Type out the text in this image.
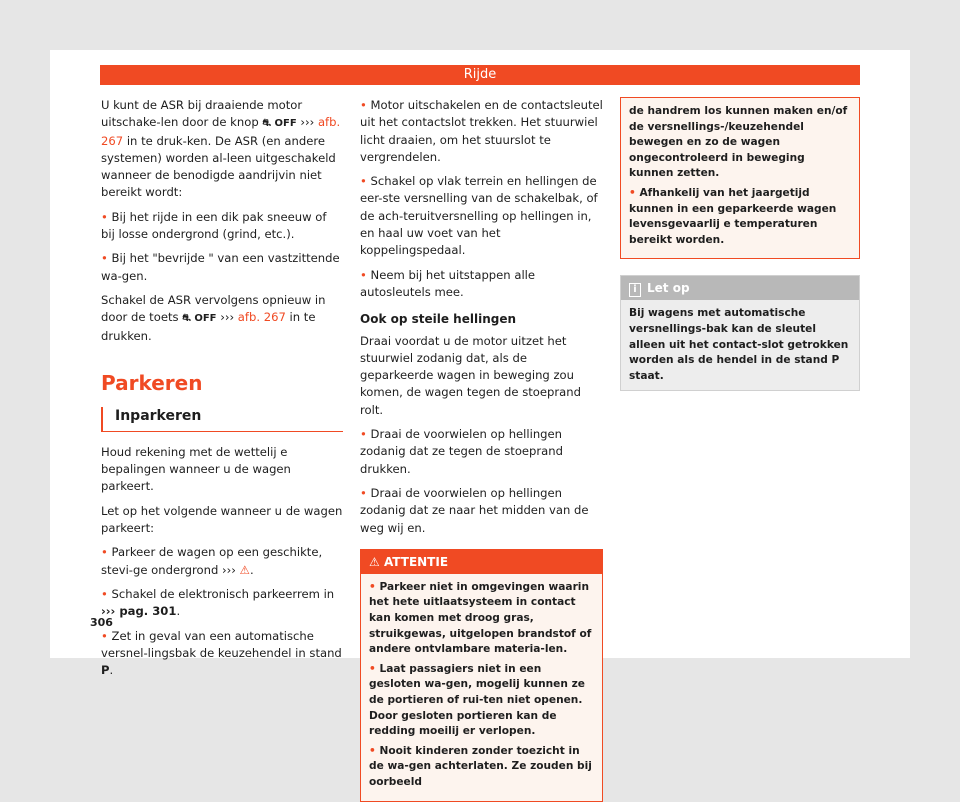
Rijde

U kunt de ASR bij draaiende motor uitschake-len door de knop ⛐ OFF ››› afb. 267 in te druk-ken. De ASR (en andere systemen) worden al-leen uitgeschakeld wanneer de benodigde aandrijvin niet bereikt wordt:

• Bij het rijde in een dik pak sneeuw of bij losse ondergrond (grind, etc.).

• Bij het "bevrijde " van een vastzittende wa-gen.

Schakel de ASR vervolgens opnieuw in door de toets ⛐ OFF ››› afb. 267 in te drukken.

Parkeren
Inparkeren

Houd rekening met de wettelij e bepalingen wanneer u de wagen parkeert.

Let op het volgende wanneer u de wagen parkeert:

• Parkeer de wagen op een geschikte, stevi-ge ondergrond ››› ⚠.

• Schakel de elektronisch parkeerrem in
››› pag. 301.

• Zet in geval van een automatische versnel-lingsbak de keuzehendel in stand P.

• Motor uitschakelen en de contactsleutel uit het contactslot trekken. Het stuurwiel licht draaien, om het stuurslot te vergrendelen.

• Schakel op vlak terrein en hellingen de eer-ste versnelling van de schakelbak, of de ach-teruitversnelling op hellingen in, en haal uw voet van het koppelingspedaal.

• Neem bij het uitstappen alle autosleutels mee.

Ook op steile hellingen

Draai voordat u de motor uitzet het stuurwiel zodanig dat, als de geparkeerde wagen in beweging zou komen, de wagen tegen de stoeprand rolt.

• Draai de voorwielen op hellingen zodanig dat ze tegen de stoeprand drukken.

• Draai de voorwielen op hellingen zodanig dat ze naar het midden van de weg wij en.

⚠ ATTENTIE

• Parkeer niet in omgevingen waarin het hete uitlaatsysteem in contact kan komen met droog gras, struikgewas, uitgelopen brandstof of andere ontvlambare materia-len.

• Laat passagiers niet in een gesloten wa-gen, mogelij kunnen ze de portieren of rui-ten niet openen. Door gesloten portieren kan de redding moeilij er verlopen.

• Nooit kinderen zonder toezicht in de wa-gen achterlaten. Ze zouden bij oorbeeld

de handrem los kunnen maken en/of de versnellings-/keuzehendel bewegen en zo de wagen ongecontroleerd in beweging kunnen zetten.

• Afhankelij van het jaargetijd kunnen in een geparkeerde wagen levensgevaarlij e temperaturen bereikt worden.

i Let op
Bij wagens met automatische versnellings-bak kan de sleutel alleen uit het contact-slot getrokken worden als de hendel in de stand P staat.
306
